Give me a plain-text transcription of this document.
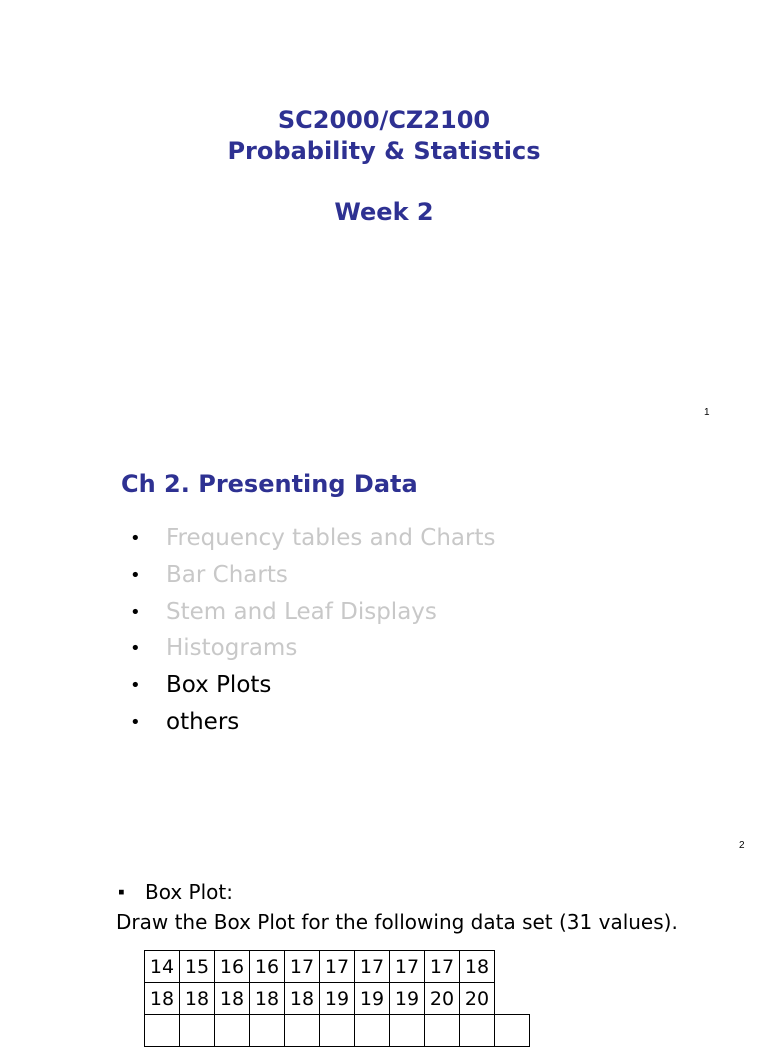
SC2000/CZ2100
Probability & Statistics
Week 2
1
Ch 2. Presenting Data
• Frequency tables and Charts
• Bar Charts
• Stem and Leaf Displays
• Histograms
• Box Plots
• others
2
▪ Box Plot:
Draw the Box Plot for the following data set (31 values).
14	15	16	16	17	17	17	17	17	18	
18	18	18	18	18	19	19	19	20	20	
